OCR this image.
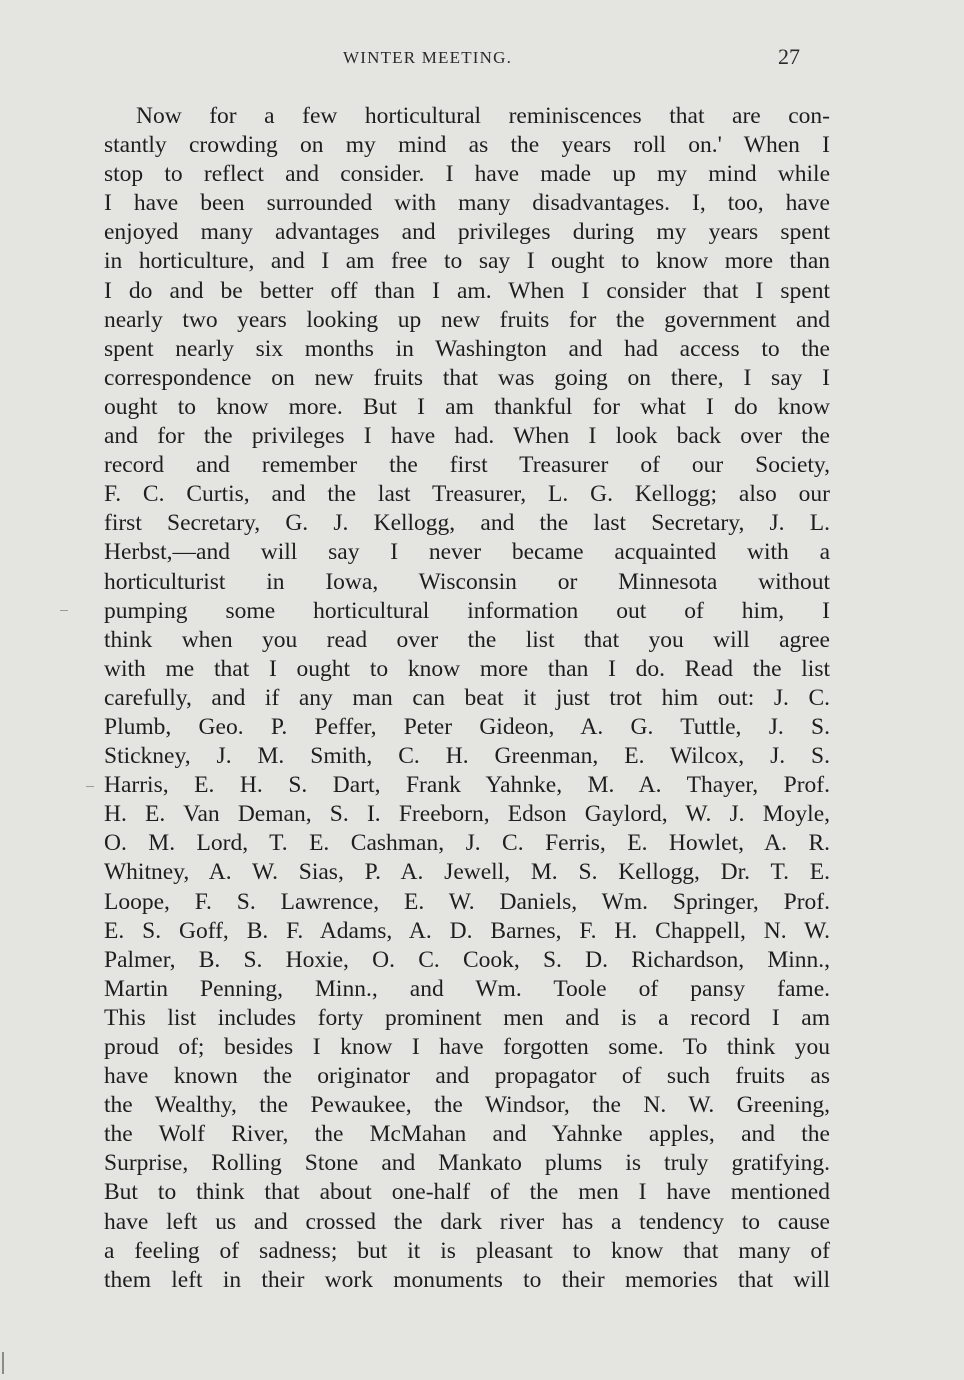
WINTER MEETING.	27
Now for a few horticultural reminiscences that are con-
stantly crowding on my mind as the years roll on.' When I
stop to reflect and consider. I have made up my mind while
I have been surrounded with many disadvantages. I, too, have
enjoyed many advantages and privileges during my years spent
in horticulture, and I am free to say I ought to know more than
I do and be better off than I am. When I consider that I spent
nearly two years looking up new fruits for the government and
spent nearly six months in Washington and had access to the
correspondence on new fruits that was going on there, I say I
ought to know more. But I am thankful for what I do know
and for the privileges I have had. When I look back over the
record and remember the first Treasurer of our Society,
F. C. Curtis, and the last Treasurer, L. G. Kellogg; also our
first Secretary, G. J. Kellogg, and the last Secretary, J. L.
Herbst,—and will say I never became acquainted with a
horticulturist in Iowa, Wisconsin or Minnesota without
pumping some horticultural information out of him, I
think when you read over the list that you will agree
with me that I ought to know more than I do. Read the list
carefully, and if any man can beat it just trot him out: J. C.
Plumb, Geo. P. Peffer, Peter Gideon, A. G. Tuttle, J. S.
Stickney, J. M. Smith, C. H. Greenman, E. Wilcox, J. S.
Harris, E. H. S. Dart, Frank Yahnke, M. A. Thayer, Prof.
H. E. Van Deman, S. I. Freeborn, Edson Gaylord, W. J. Moyle,
O. M. Lord, T. E. Cashman, J. C. Ferris, E. Howlet, A. R.
Whitney, A. W. Sias, P. A. Jewell, M. S. Kellogg, Dr. T. E.
Loope, F. S. Lawrence, E. W. Daniels, Wm. Springer, Prof.
E. S. Goff, B. F. Adams, A. D. Barnes, F. H. Chappell, N. W.
Palmer, B. S. Hoxie, O. C. Cook, S. D. Richardson, Minn.,
Martin Penning, Minn., and Wm. Toole of pansy fame.
This list includes forty prominent men and is a record I am
proud of; besides I know I have forgotten some. To think you
have known the originator and propagator of such fruits as
the Wealthy, the Pewaukee, the Windsor, the N. W. Greening,
the Wolf River, the McMahan and Yahnke apples, and the
Surprise, Rolling Stone and Mankato plums is truly gratifying.
But to think that about one-half of the men I have mentioned
have left us and crossed the dark river has a tendency to cause
a feeling of sadness; but it is pleasant to know that many of
them left in their work monuments to their memories that will
